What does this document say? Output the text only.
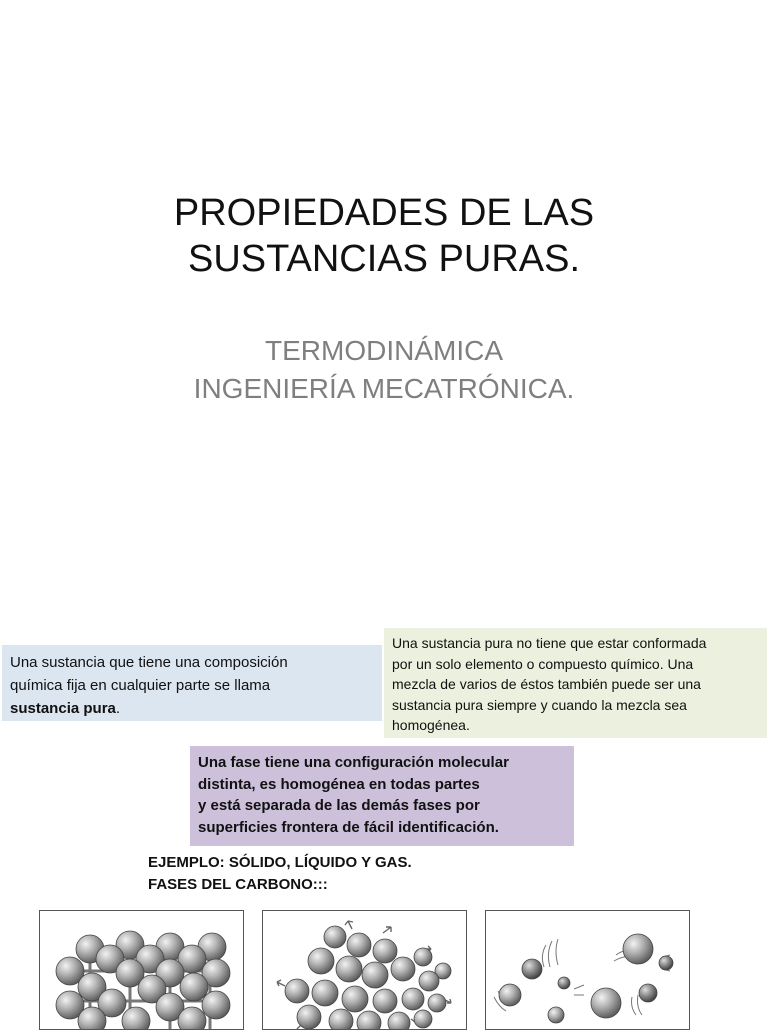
PROPIEDADES DE LAS
SUSTANCIAS PURAS.
TERMODINÁMICA
INGENIERÍA MECATRÓNICA.
Una sustancia que tiene una composición
química fija en cualquier parte se llama
sustancia pura.
Una sustancia pura no tiene que estar conformada
por un solo elemento o compuesto químico. Una
mezcla de varios de éstos también puede ser una
sustancia pura siempre y cuando la mezcla sea
homogénea.
Una fase tiene una configuración molecular
distinta, es homogénea en todas partes
y está separada de las demás fases por
superficies frontera de fácil identificación.
EJEMPLO: SÓLIDO, LÍQUIDO Y GAS.
FASES DEL CARBONO:::
